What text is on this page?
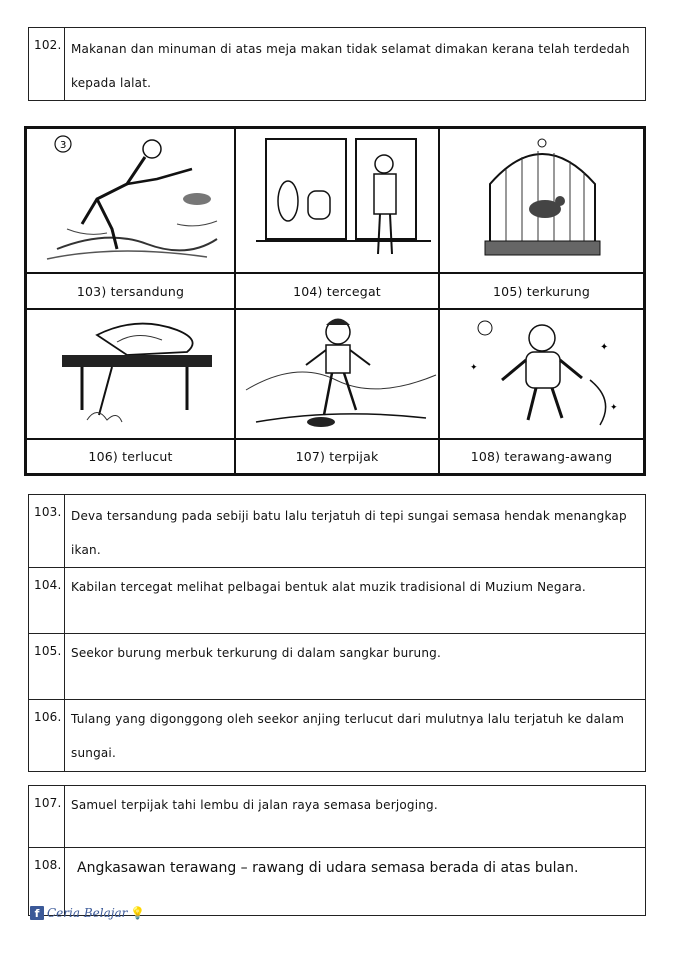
102.	Makanan dan minuman di atas meja makan tidak selamat dimakan kerana telah terdedah kepada lalat.
3
103) tersandung	104) tercegat	105) terkurung
✦
✦
✦
106) terlucut	107) terpijak	108) terawang-awang
103.	Deva tersandung pada sebiji batu lalu terjatuh di tepi sungai semasa hendak menangkap ikan.
104.	Kabilan tercegat melihat pelbagai bentuk alat muzik tradisional di Muzium Negara.
105.	Seekor burung merbuk terkurung di dalam sangkar burung.
106.	Tulang yang digonggong oleh seekor anjing terlucut dari mulutnya lalu terjatuh ke dalam sungai.
107.	Samuel terpijak tahi lembu di jalan raya semasa berjoging.
108.	Angkasawan terawang – rawang di udara semasa berada di atas bulan.
f Ceria Belajar 💡
